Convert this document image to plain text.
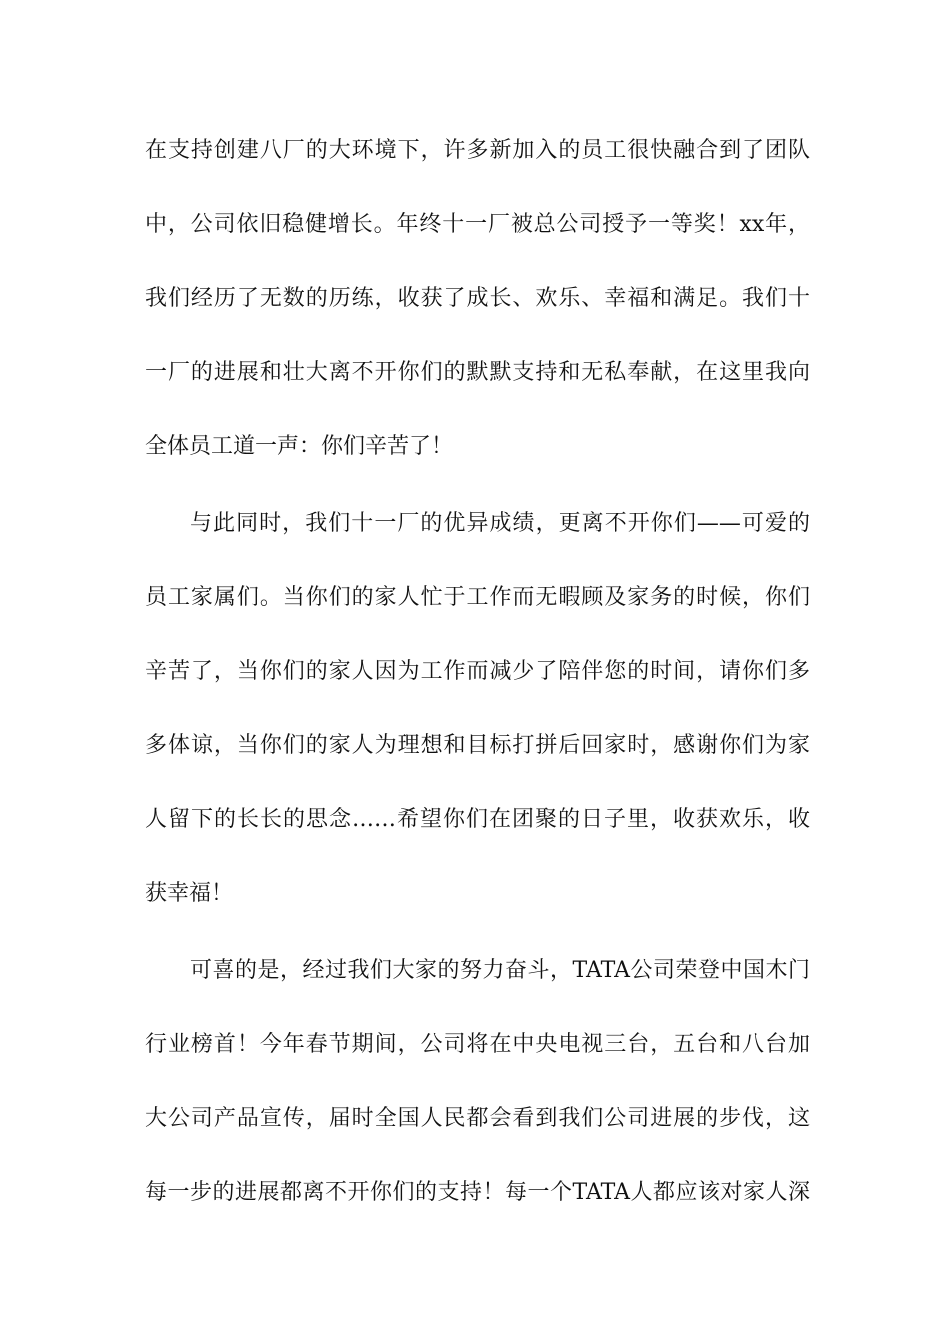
在支持创建八厂的大环境下，许多新加入的员工很快融合到了团队
中，公司依旧稳健增长。年终十一厂被总公司授予一等奖！xx年，
我们经历了无数的历练，收获了成长、欢乐、幸福和满足。我们十
一厂的进展和壮大离不开你们的默默支持和无私奉献，在这里我向
全体员工道一声：你们辛苦了！
与此同时，我们十一厂的优异成绩，更离不开你们——可爱的
员工家属们。当你们的家人忙于工作而无暇顾及家务的时候，你们
辛苦了，当你们的家人因为工作而减少了陪伴您的时间，请你们多
多体谅，当你们的家人为理想和目标打拼后回家时，感谢你们为家
人留下的长长的思念……希望你们在团聚的日子里，收获欢乐，收
获幸福！
可喜的是，经过我们大家的努力奋斗，TATA公司荣登中国木门
行业榜首！今年春节期间，公司将在中央电视三台，五台和八台加
大公司产品宣传，届时全国人民都会看到我们公司进展的步伐，这
每一步的进展都离不开你们的支持！每一个TATA人都应该对家人深
